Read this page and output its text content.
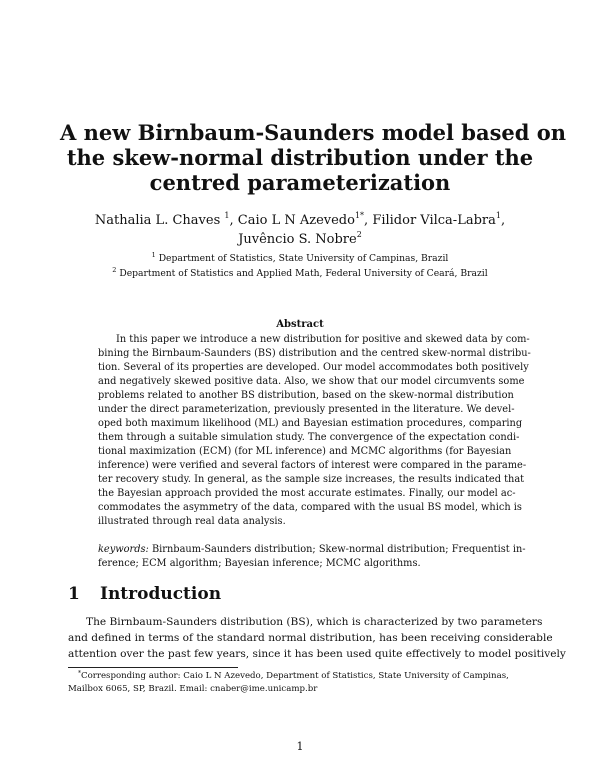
A new Birnbaum-Saunders model based on
the skew-normal distribution under the
centred parameterization
Nathalia L. Chaves $^1$, Caio L N Azevedo$^{1*}$, Filidor Vilca-Labra$^1$,
Juvêncio S. Nobre$^2$
$^1$ Department of Statistics, State University of Campinas, Brazil
$^2$ Department of Statistics and Applied Math, Federal University of Ceará, Brazil
Abstract
In this paper we introduce a new distribution for positive and skewed data by com-
bining the Birnbaum-Saunders (BS) distribution and the centred skew-normal distribu-
tion. Several of its properties are developed. Our model accommodates both positively
and negatively skewed positive data. Also, we show that our model circumvents some
problems related to another BS distribution, based on the skew-normal distribution
under the direct parameterization, previously presented in the literature. We devel-
oped both maximum likelihood (ML) and Bayesian estimation procedures, comparing
them through a suitable simulation study. The convergence of the expectation condi-
tional maximization (ECM) (for ML inference) and MCMC algorithms (for Bayesian
inference) were verified and several factors of interest were compared in the parame-
ter recovery study. In general, as the sample size increases, the results indicated that
the Bayesian approach provided the most accurate estimates. Finally, our model ac-
commodates the asymmetry of the data, compared with the usual BS model, which is
illustrated through real data analysis.
keywords: Birnbaum-Saunders distribution; Skew-normal distribution; Frequentist in-
ference; ECM algorithm; Bayesian inference; MCMC algorithms.
1 Introduction
The Birnbaum-Saunders distribution (BS), which is characterized by two parameters
and defined in terms of the standard normal distribution, has been receiving considerable
attention over the past few years, since it has been used quite effectively to model positively
*Corresponding author: Caio L N Azevedo, Department of Statistics, State University of Campinas,
Mailbox 6065, SP, Brazil. Email: cnaber@ime.unicamp.br
1
